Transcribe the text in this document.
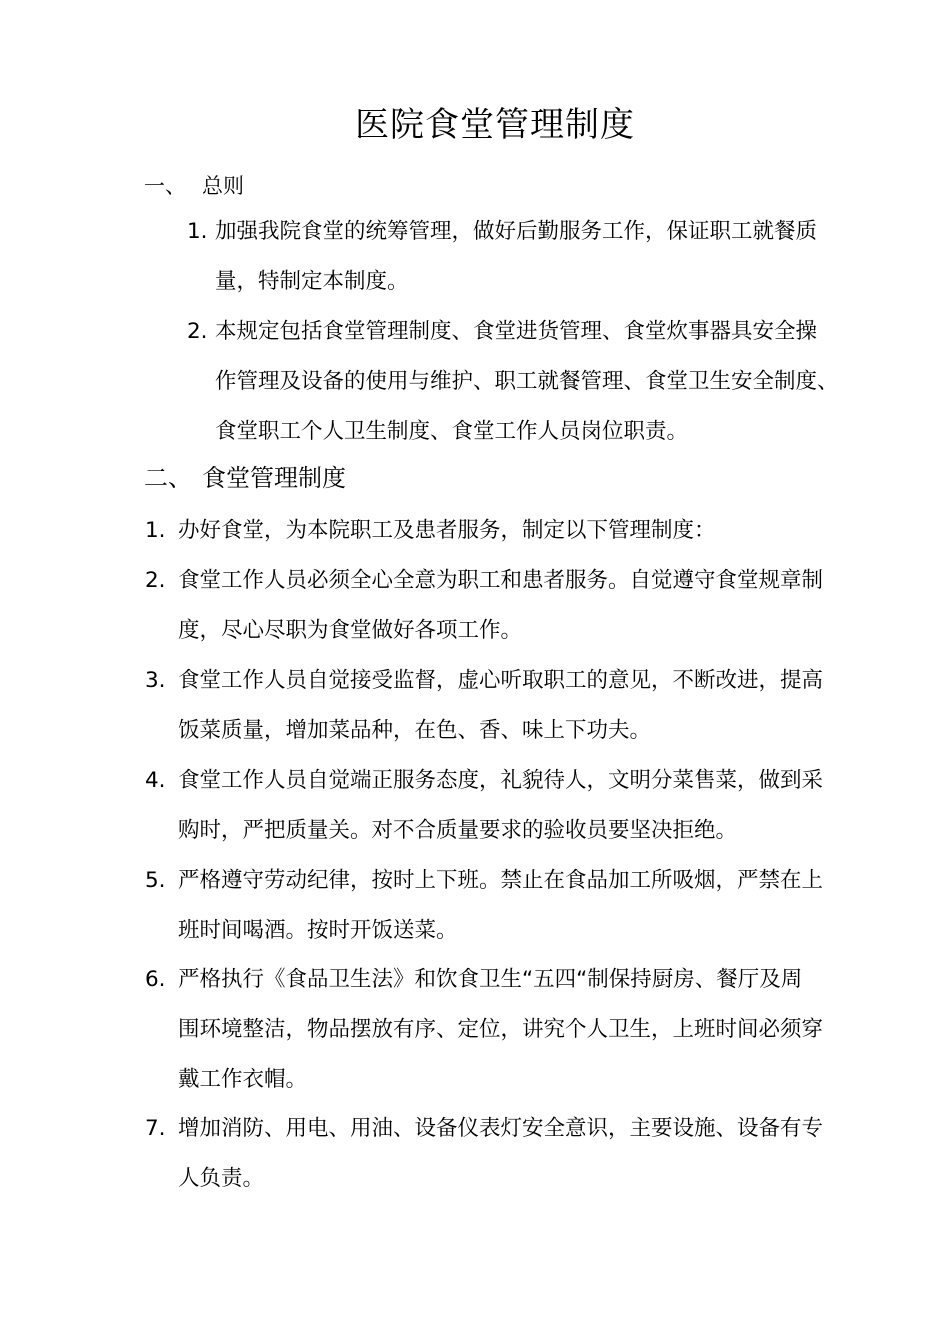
医院食堂管理制度
一、 总则
1. 加强我院食堂的统筹管理，做好后勤服务工作，保证职工就餐质
量，特制定本制度。
2. 本规定包括食堂管理制度、食堂进货管理、食堂炊事器具安全操
作管理及设备的使用与维护、职工就餐管理、食堂卫生安全制度、
食堂职工个人卫生制度、食堂工作人员岗位职责。
二、 食堂管理制度
1. 办好食堂，为本院职工及患者服务，制定以下管理制度：
2. 食堂工作人员必须全心全意为职工和患者服务。自觉遵守食堂规章制
度，尽心尽职为食堂做好各项工作。
3. 食堂工作人员自觉接受监督，虚心听取职工的意见，不断改进，提高
饭菜质量，增加菜品种，在色、香、味上下功夫。
4. 食堂工作人员自觉端正服务态度，礼貌待人，文明分菜售菜，做到采
购时，严把质量关。对不合质量要求的验收员要坚决拒绝。
5. 严格遵守劳动纪律，按时上下班。禁止在食品加工所吸烟，严禁在上
班时间喝酒。按时开饭送菜。
6. 严格执行《食品卫生法》和饮食卫生“五四“制保持厨房、餐厅及周
围环境整洁，物品摆放有序、定位，讲究个人卫生，上班时间必须穿
戴工作衣帽。
7. 增加消防、用电、用油、设备仪表灯安全意识，主要设施、设备有专
人负责。
